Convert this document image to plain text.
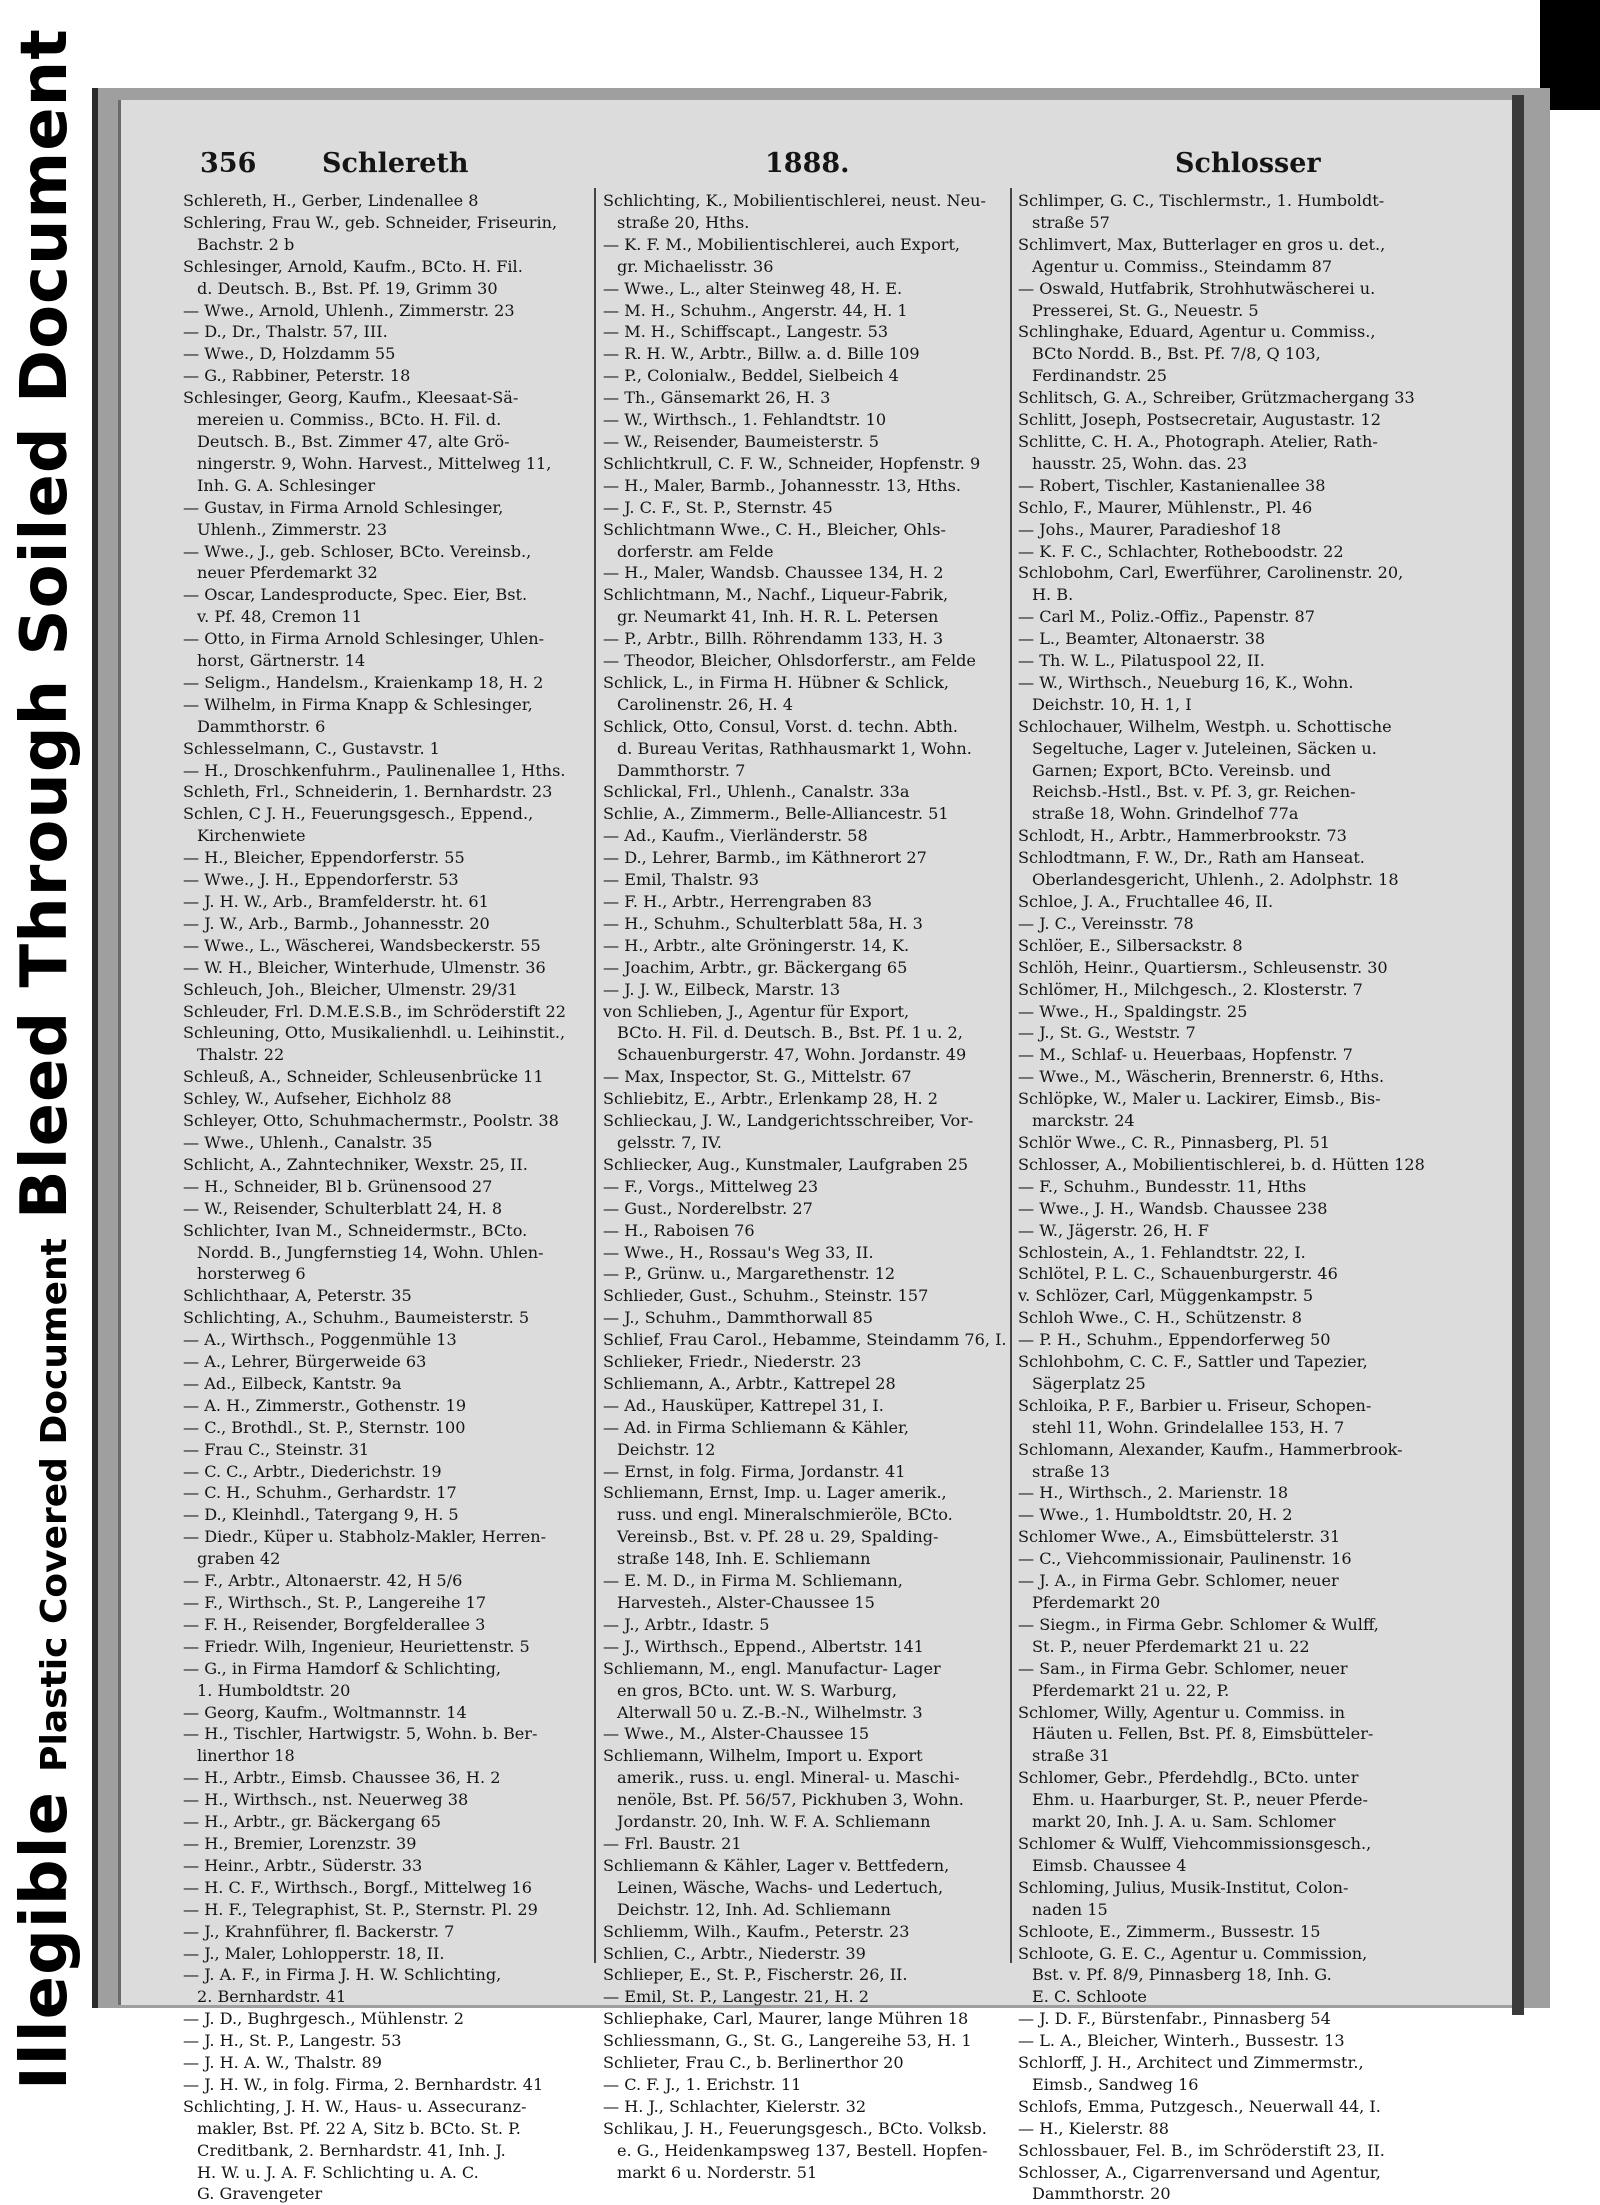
Illegible Plastic Covered Document Bleed Through Soiled Document	356 Schlereth	1888.	Schlosser
Schlereth, H., Gerber, Lindenallee 8
Schlering, Frau W., geb. Schneider, Friseurin,
Bachstr. 2 b
Schlesinger, Arnold, Kaufm., BCto. H. Fil.
d. Deutsch. B., Bst. Pf. 19, Grimm 30
— Wwe., Arnold, Uhlenh., Zimmerstr. 23
— D., Dr., Thalstr. 57, III.
— Wwe., D, Holzdamm 55
— G., Rabbiner, Peterstr. 18
Schlesinger, Georg, Kaufm., Kleesaat-Sä-
mereien u. Commiss., BCto. H. Fil. d.
Deutsch. B., Bst. Zimmer 47, alte Grö-
ningerstr. 9, Wohn. Harvest., Mittelweg 11,
Inh. G. A. Schlesinger
— Gustav, in Firma Arnold Schlesinger,
Uhlenh., Zimmerstr. 23
— Wwe., J., geb. Schloser, BCto. Vereinsb.,
neuer Pferdemarkt 32
— Oscar, Landesproducte, Spec. Eier, Bst.
v. Pf. 48, Cremon 11
— Otto, in Firma Arnold Schlesinger, Uhlen-
horst, Gärtnerstr. 14
— Seligm., Handelsm., Kraienkamp 18, H. 2
— Wilhelm, in Firma Knapp & Schlesinger,
Dammthorstr. 6
Schlesselmann, C., Gustavstr. 1
— H., Droschkenfuhrm., Paulinenallee 1, Hths.
Schleth, Frl., Schneiderin, 1. Bernhardstr. 23
Schlen, C J. H., Feuerungsgesch., Eppend.,
Kirchenwiete
— H., Bleicher, Eppendorferstr. 55
— Wwe., J. H., Eppendorferstr. 53
— J. H. W., Arb., Bramfelderstr. ht. 61
— J. W., Arb., Barmb., Johannesstr. 20
— Wwe., L., Wäscherei, Wandsbeckerstr. 55
— W. H., Bleicher, Winterhude, Ulmenstr. 36
Schleuch, Joh., Bleicher, Ulmenstr. 29/31
Schleuder, Frl. D.M.E.S.B., im Schröderstift 22
Schleuning, Otto, Musikalienhdl. u. Leihinstit.,
Thalstr. 22
Schleuß, A., Schneider, Schleusenbrücke 11
Schley, W., Aufseher, Eichholz 88
Schleyer, Otto, Schuhmachermstr., Poolstr. 38
— Wwe., Uhlenh., Canalstr. 35
Schlicht, A., Zahntechniker, Wexstr. 25, II.
— H., Schneider, Bl b. Grünensood 27
— W., Reisender, Schulterblatt 24, H. 8
Schlichter, Ivan M., Schneidermstr., BCto.
Nordd. B., Jungfernstieg 14, Wohn. Uhlen-
horsterweg 6
Schlichthaar, A, Peterstr. 35
Schlichting, A., Schuhm., Baumeisterstr. 5
— A., Wirthsch., Poggenmühle 13
— A., Lehrer, Bürgerweide 63
— Ad., Eilbeck, Kantstr. 9a
— A. H., Zimmerstr., Gothenstr. 19
— C., Brothdl., St. P., Sternstr. 100
— Frau C., Steinstr. 31
— C. C., Arbtr., Diederichstr. 19
— C. H., Schuhm., Gerhardstr. 17
— D., Kleinhdl., Tatergang 9, H. 5
— Diedr., Küper u. Stabholz-Makler, Herren-
graben 42
— F., Arbtr., Altonaerstr. 42, H 5/6
— F., Wirthsch., St. P., Langereihe 17
— F. H., Reisender, Borgfelderallee 3
— Friedr. Wilh, Ingenieur, Heuriettenstr. 5
— G., in Firma Hamdorf & Schlichting,
1. Humboldtstr. 20
— Georg, Kaufm., Woltmannstr. 14
— H., Tischler, Hartwigstr. 5, Wohn. b. Ber-
linerthor 18
— H., Arbtr., Eimsb. Chaussee 36, H. 2
— H., Wirthsch., nst. Neuerweg 38
— H., Arbtr., gr. Bäckergang 65
— H., Bremier, Lorenzstr. 39
— Heinr., Arbtr., Süderstr. 33
— H. C. F., Wirthsch., Borgf., Mittelweg 16
— H. F., Telegraphist, St. P., Sternstr. Pl. 29
— J., Krahnführer, fl. Backerstr. 7
— J., Maler, Lohlopperstr. 18, II.
— J. A. F., in Firma J. H. W. Schlichting,
2. Bernhardstr. 41
— J. D., Bughrgesch., Mühlenstr. 2
— J. H., St. P., Langestr. 53
— J. H. A. W., Thalstr. 89
— J. H. W., in folg. Firma, 2. Bernhardstr. 41
Schlichting, J. H. W., Haus- u. Assecuranz-
makler, Bst. Pf. 22 A, Sitz b. BCto. St. P.
Creditbank, 2. Bernhardstr. 41, Inh. J.
H. W. u. J. A. F. Schlichting u. A. C.
G. Gravengeter
Schlichting, K., Mobilientischlerei, neust. Neu-
straße 20, Hths.
— K. F. M., Mobilientischlerei, auch Export,
gr. Michaelisstr. 36
— Wwe., L., alter Steinweg 48, H. E.
— M. H., Schuhm., Angerstr. 44, H. 1
— M. H., Schiffscapt., Langestr. 53
— R. H. W., Arbtr., Billw. a. d. Bille 109
— P., Colonialw., Beddel, Sielbeich 4
— Th., Gänsemarkt 26, H. 3
— W., Wirthsch., 1. Fehlandtstr. 10
— W., Reisender, Baumeisterstr. 5
Schlichtkrull, C. F. W., Schneider, Hopfenstr. 9
— H., Maler, Barmb., Johannesstr. 13, Hths.
— J. C. F., St. P., Sternstr. 45
Schlichtmann Wwe., C. H., Bleicher, Ohls-
dorferstr. am Felde
— H., Maler, Wandsb. Chaussee 134, H. 2
Schlichtmann, M., Nachf., Liqueur-Fabrik,
gr. Neumarkt 41, Inh. H. R. L. Petersen
— P., Arbtr., Billh. Röhrendamm 133, H. 3
— Theodor, Bleicher, Ohlsdorferstr., am Felde
Schlick, L., in Firma H. Hübner & Schlick,
Carolinenstr. 26, H. 4
Schlick, Otto, Consul, Vorst. d. techn. Abth.
d. Bureau Veritas, Rathhausmarkt 1, Wohn.
Dammthorstr. 7
Schlickal, Frl., Uhlenh., Canalstr. 33a
Schlie, A., Zimmerm., Belle-Alliancestr. 51
— Ad., Kaufm., Vierländerstr. 58
— D., Lehrer, Barmb., im Käthnerort 27
— Emil, Thalstr. 93
— F. H., Arbtr., Herrengraben 83
— H., Schuhm., Schulterblatt 58a, H. 3
— H., Arbtr., alte Gröningerstr. 14, K.
— Joachim, Arbtr., gr. Bäckergang 65
— J. J. W., Eilbeck, Marstr. 13
von Schlieben, J., Agentur für Export,
BCto. H. Fil. d. Deutsch. B., Bst. Pf. 1 u. 2,
Schauenburgerstr. 47, Wohn. Jordanstr. 49
— Max, Inspector, St. G., Mittelstr. 67
Schliebitz, E., Arbtr., Erlenkamp 28, H. 2
Schlieckau, J. W., Landgerichtsschreiber, Vor-
gelsstr. 7, IV.
Schliecker, Aug., Kunstmaler, Laufgraben 25
— F., Vorgs., Mittelweg 23
— Gust., Norderelbstr. 27
— H., Raboisen 76
— Wwe., H., Rossau's Weg 33, II.
— P., Grünw. u., Margarethenstr. 12
Schlieder, Gust., Schuhm., Steinstr. 157
— J., Schuhm., Dammthorwall 85
Schlief, Frau Carol., Hebamme, Steindamm 76, I.
Schlieker, Friedr., Niederstr. 23
Schliemann, A., Arbtr., Kattrepel 28
— Ad., Hausküper, Kattrepel 31, I.
— Ad. in Firma Schliemann & Kähler,
Deichstr. 12
— Ernst, in folg. Firma, Jordanstr. 41
Schliemann, Ernst, Imp. u. Lager amerik.,
russ. und engl. Mineralschmieröle, BCto.
Vereinsb., Bst. v. Pf. 28 u. 29, Spalding-
straße 148, Inh. E. Schliemann
— E. M. D., in Firma M. Schliemann,
Harvesteh., Alster-Chaussee 15
— J., Arbtr., Idastr. 5
— J., Wirthsch., Eppend., Albertstr. 141
Schliemann, M., engl. Manufactur- Lager
en gros, BCto. unt. W. S. Warburg,
Alterwall 50 u. Z.-B.-N., Wilhelmstr. 3
— Wwe., M., Alster-Chaussee 15
Schliemann, Wilhelm, Import u. Export
amerik., russ. u. engl. Mineral- u. Maschi-
nenöle, Bst. Pf. 56/57, Pickhuben 3, Wohn.
Jordanstr. 20, Inh. W. F. A. Schliemann
— Frl. Baustr. 21
Schliemann & Kähler, Lager v. Bettfedern,
Leinen, Wäsche, Wachs- und Ledertuch,
Deichstr. 12, Inh. Ad. Schliemann
Schliemm, Wilh., Kaufm., Peterstr. 23
Schlien, C., Arbtr., Niederstr. 39
Schlieper, E., St. P., Fischerstr. 26, II.
— Emil, St. P., Langestr. 21, H. 2
Schliephake, Carl, Maurer, lange Mühren 18
Schliessmann, G., St. G., Langereihe 53, H. 1
Schlieter, Frau C., b. Berlinerthor 20
— C. F. J., 1. Erichstr. 11
— H. J., Schlachter, Kielerstr. 32
Schlikau, J. H., Feuerungsgesch., BCto. Volksb.
e. G., Heidenkampsweg 137, Bestell. Hopfen-
markt 6 u. Norderstr. 51
Schlimper, G. C., Tischlermstr., 1. Humboldt-
straße 57
Schlimvert, Max, Butterlager en gros u. det.,
Agentur u. Commiss., Steindamm 87
— Oswald, Hutfabrik, Strohhutwäscherei u.
Presserei, St. G., Neuestr. 5
Schlinghake, Eduard, Agentur u. Commiss.,
BCto Nordd. B., Bst. Pf. 7/8, Q 103,
Ferdinandstr. 25
Schlitsch, G. A., Schreiber, Grützmachergang 33
Schlitt, Joseph, Postsecretair, Augustastr. 12
Schlitte, C. H. A., Photograph. Atelier, Rath-
hausstr. 25, Wohn. das. 23
— Robert, Tischler, Kastanienallee 38
Schlo, F., Maurer, Mühlenstr., Pl. 46
— Johs., Maurer, Paradieshof 18
— K. F. C., Schlachter, Rotheboodstr. 22
Schlobohm, Carl, Ewerführer, Carolinenstr. 20,
H. B.
— Carl M., Poliz.-Offiz., Papenstr. 87
— L., Beamter, Altonaerstr. 38
— Th. W. L., Pilatuspool 22, II.
— W., Wirthsch., Neueburg 16, K., Wohn.
Deichstr. 10, H. 1, I
Schlochauer, Wilhelm, Westph. u. Schottische
Segeltuche, Lager v. Juteleinen, Säcken u.
Garnen; Export, BCto. Vereinsb. und
Reichsb.-Hstl., Bst. v. Pf. 3, gr. Reichen-
straße 18, Wohn. Grindelhof 77a
Schlodt, H., Arbtr., Hammerbrookstr. 73
Schlodtmann, F. W., Dr., Rath am Hanseat.
Oberlandesgericht, Uhlenh., 2. Adolphstr. 18
Schloe, J. A., Fruchtallee 46, II.
— J. C., Vereinsstr. 78
Schlöer, E., Silbersackstr. 8
Schlöh, Heinr., Quartiersm., Schleusenstr. 30
Schlömer, H., Milchgesch., 2. Klosterstr. 7
— Wwe., H., Spaldingstr. 25
— J., St. G., Weststr. 7
— M., Schlaf- u. Heuerbaas, Hopfenstr. 7
— Wwe., M., Wäscherin, Brennerstr. 6, Hths.
Schlöpke, W., Maler u. Lackirer, Eimsb., Bis-
marckstr. 24
Schlör Wwe., C. R., Pinnasberg, Pl. 51
Schlosser, A., Mobilientischlerei, b. d. Hütten 128
— F., Schuhm., Bundesstr. 11, Hths
— Wwe., J. H., Wandsb. Chaussee 238
— W., Jägerstr. 26, H. F
Schlostein, A., 1. Fehlandtstr. 22, I.
Schlötel, P. L. C., Schauenburgerstr. 46
v. Schlözer, Carl, Müggenkampstr. 5
Schloh Wwe., C. H., Schützenstr. 8
— P. H., Schuhm., Eppendorferweg 50
Schlohbohm, C. C. F., Sattler und Tapezier,
Sägerplatz 25
Schloika, P. F., Barbier u. Friseur, Schopen-
stehl 11, Wohn. Grindelallee 153, H. 7
Schlomann, Alexander, Kaufm., Hammerbrook-
straße 13
— H., Wirthsch., 2. Marienstr. 18
— Wwe., 1. Humboldtstr. 20, H. 2
Schlomer Wwe., A., Eimsbüttelerstr. 31
— C., Viehcommissionair, Paulinenstr. 16
— J. A., in Firma Gebr. Schlomer, neuer
Pferdemarkt 20
— Siegm., in Firma Gebr. Schlomer & Wulff,
St. P., neuer Pferdemarkt 21 u. 22
— Sam., in Firma Gebr. Schlomer, neuer
Pferdemarkt 21 u. 22, P.
Schlomer, Willy, Agentur u. Commiss. in
Häuten u. Fellen, Bst. Pf. 8, Eimsbütteler-
straße 31
Schlomer, Gebr., Pferdehdlg., BCto. unter
Ehm. u. Haarburger, St. P., neuer Pferde-
markt 20, Inh. J. A. u. Sam. Schlomer
Schlomer & Wulff, Viehcommissionsgesch.,
Eimsb. Chaussee 4
Schloming, Julius, Musik-Institut, Colon-
naden 15
Schloote, E., Zimmerm., Bussestr. 15
Schloote, G. E. C., Agentur u. Commission,
Bst. v. Pf. 8/9, Pinnasberg 18, Inh. G.
E. C. Schloote
— J. D. F., Bürstenfabr., Pinnasberg 54
— L. A., Bleicher, Winterh., Bussestr. 13
Schlorff, J. H., Architect und Zimmermstr.,
Eimsb., Sandweg 16
Schlofs, Emma, Putzgesch., Neuerwall 44, I.
— H., Kielerstr. 88
Schlossbauer, Fel. B., im Schröderstift 23, II.
Schlosser, A., Cigarrenversand und Agentur,
Dammthorstr. 20
